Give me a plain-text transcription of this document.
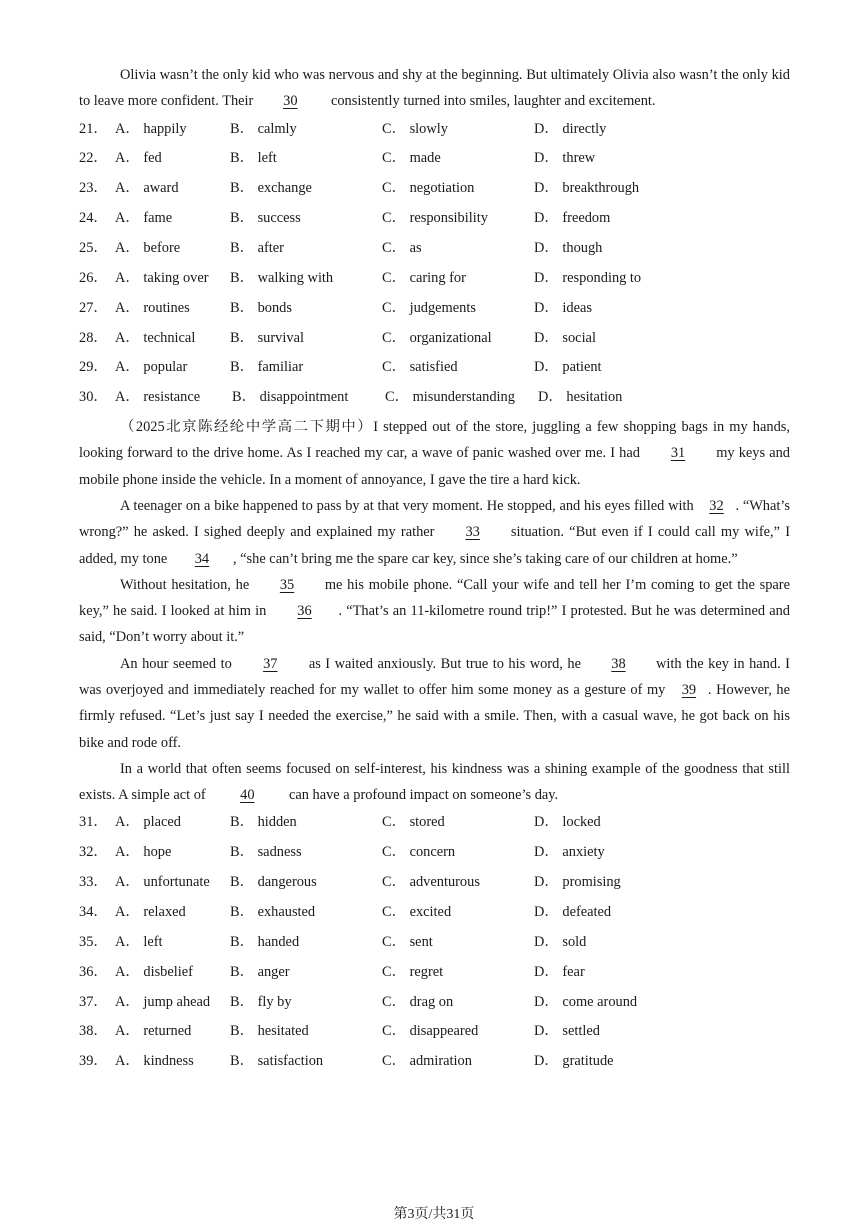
Olivia wasn’t the only kid who was nervous and shy at the beginning. But ultimately Olivia also wasn’t the only kid to leave more confident. Their 30 consistently turned into smiles, laughter and excitement.

21． A． happily	B． calmly	C． slowly	D． directly
22． A． fed	B． left	C． made	D． threw
23． A． award	B． exchange	C． negotiation	D． breakthrough
24． A． fame	B． success	C． responsibility	D． freedom
25． A． before	B． after	C． as	D． though
26． A． taking over B． walking with	C． caring for	D． responding to
27． A． routines	B． bonds	C． judgements	D． ideas
28． A． technical B． survival	C． organizational	D． social
29． A． popular	B． familiar	C． satisfied	D． patient
30． A． resistance B． disappointment	C． misunderstanding D． hesitation

（2025北京陈经纶中学高二下期中）I stepped out of the store, juggling a few shopping bags in my hands, looking forward to the drive home. As I reached my car, a wave of panic washed over me. I had 31 my keys and mobile phone inside the vehicle. In a moment of annoyance, I gave the tire a hard kick.

A teenager on a bike happened to pass by at that very moment. He stopped, and his eyes filled with 32 . “What’s wrong?” he asked. I sighed deeply and explained my rather 33 situation. “But even if I could call my wife,” I added, my tone 34 , “she can’t bring me the spare car key, since she’s taking care of our children at home.”

Without hesitation, he 35 me his mobile phone. “Call your wife and tell her I’m coming to get the spare key,” he said. I looked at him in 36 . “That’s an 11-kilometre round trip!” I protested. But he was determined and said, “Don’t worry about it.”

An hour seemed to 37 as I waited anxiously. But true to his word, he 38 with the key in hand. I was overjoyed and immediately reached for my wallet to offer him some money as a gesture of my 39 . However, he firmly refused. “Let’s just say I needed the exercise,” he said with a smile. Then, with a casual wave, he got back on his bike and rode off.

In a world that often seems focused on self-interest, his kindness was a shining example of the goodness that still exists. A simple act of 40 can have a profound impact on someone’s day.

31． A． placed	B． hidden	C． stored	D． locked
32． A． hope	B． sadness	C． concern	D． anxiety
33． A． unfortunate B． dangerous	C． adventurous	D． promising
34． A． relaxed	B． exhausted	C． excited	D． defeated
35． A． left	B． handed	C． sent	D． sold
36． A． disbelief	B． anger	C． regret	D． fear
37． A． jump ahead B． fly by	C． drag on	D． come around
38． A． returned	B． hesitated	C． disappeared	D． settled
39． A． kindness	B． satisfaction	C． admiration	D． gratitude
第3页/共31页
